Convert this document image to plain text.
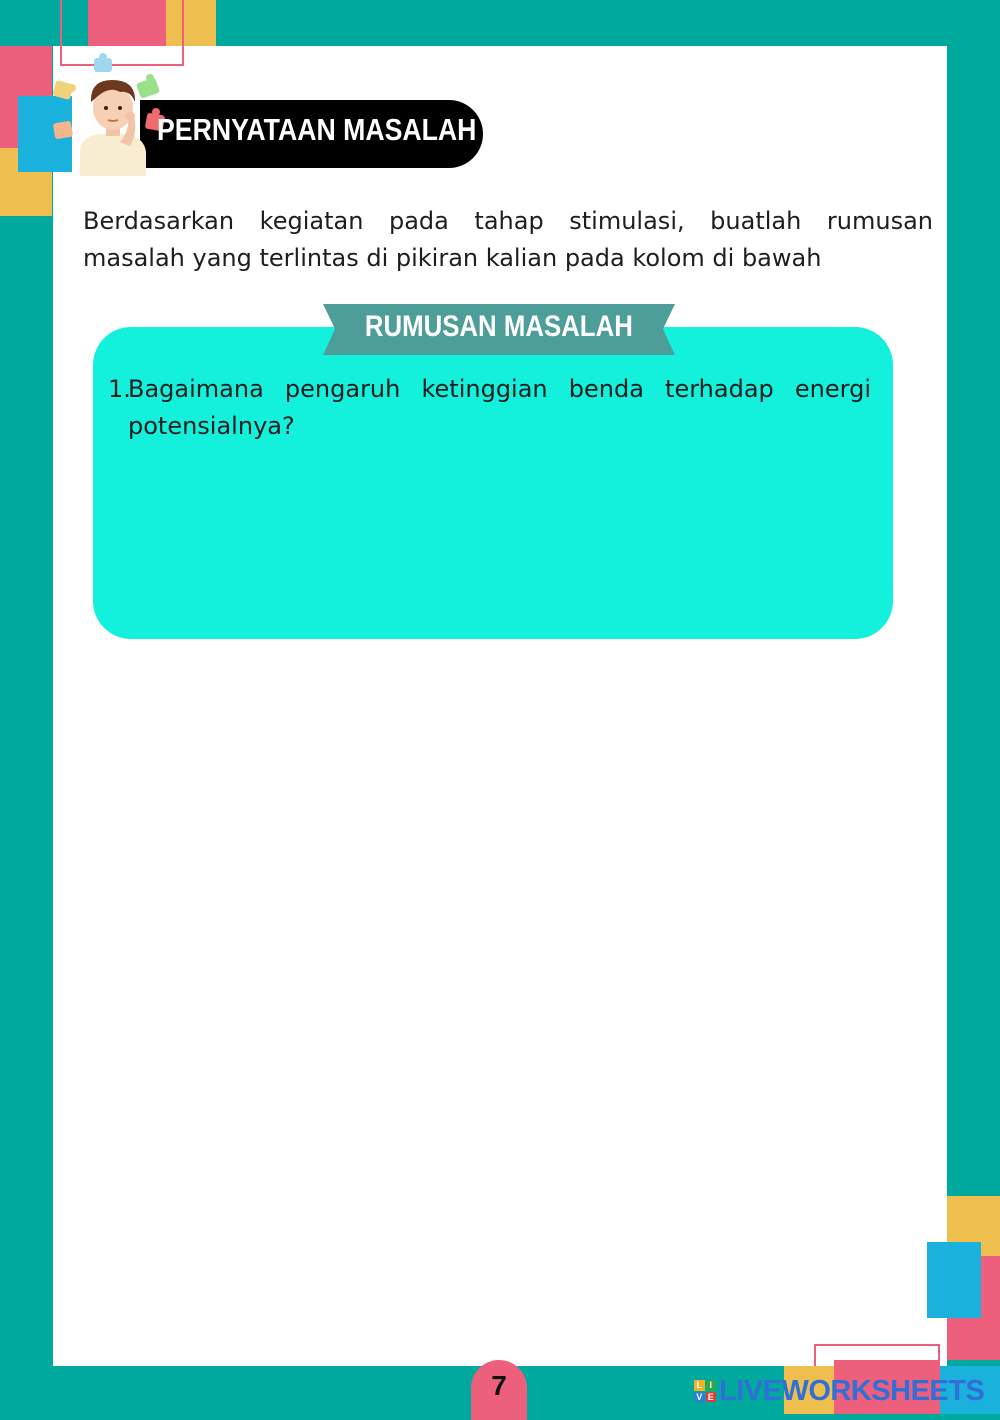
PERNYATAAN MASALAH
Berdasarkan kegiatan pada tahap stimulasi, buatlah rumusan masalah yang terlintas di pikiran kalian pada kolom di bawah
RUMUSAN MASALAH
1.
Bagaimana pengaruh ketinggian benda terhadap energi potensialnya?
7	L I
V E LIVEWORKSHEETS
